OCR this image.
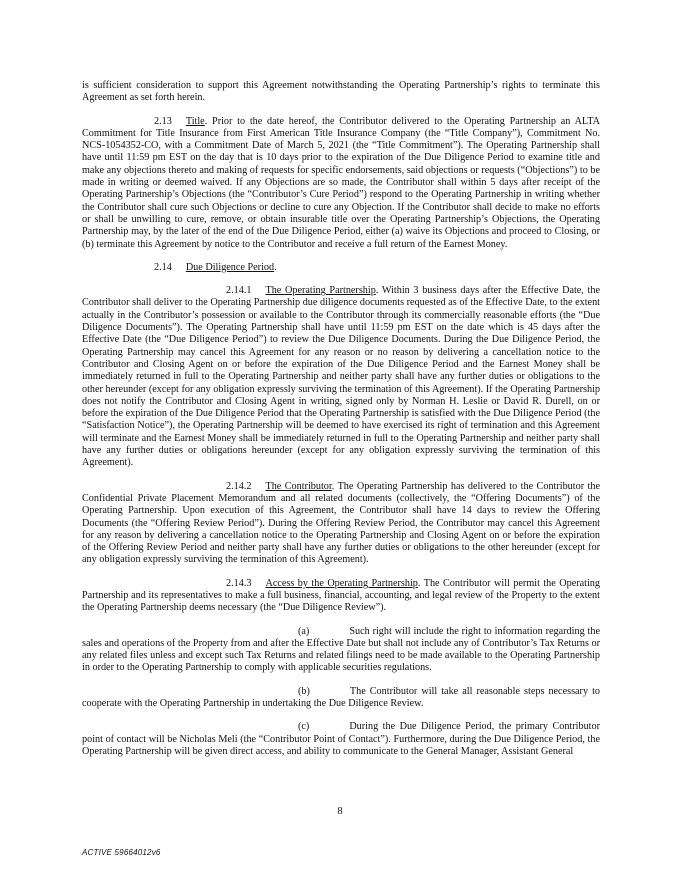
is sufficient consideration to support this Agreement notwithstanding the Operating Partnership’s rights to terminate this Agreement as set forth herein.

2.13 Title. Prior to the date hereof, the Contributor delivered to the Operating Partnership an ALTA Commitment for Title Insurance from First American Title Insurance Company (the “Title Company”), Commitment No. NCS-1054352-CO, with a Commitment Date of March 5, 2021 (the “Title Commitment”). The Operating Partnership shall have until 11:59 pm EST on the day that is 10 days prior to the expiration of the Due Diligence Period to examine title and make any objections thereto and making of requests for specific endorsements, said objections or requests (“Objections”) to be made in writing or deemed waived. If any Objections are so made, the Contributor shall within 5 days after receipt of the Operating Partnership’s Objections (the “Contributor’s Cure Period”) respond to the Operating Partnership in writing whether the Contributor shall cure such Objections or decline to cure any Objection. If the Contributor shall decide to make no efforts or shall be unwilling to cure, remove, or obtain insurable title over the Operating Partnership’s Objections, the Operating Partnership may, by the later of the end of the Due Diligence Period, either (a) waive its Objections and proceed to Closing, or (b) terminate this Agreement by notice to the Contributor and receive a full return of the Earnest Money.

2.14 Due Diligence Period.

2.14.1 The Operating Partnership. Within 3 business days after the Effective Date, the Contributor shall deliver to the Operating Partnership due diligence documents requested as of the Effective Date, to the extent actually in the Contributor’s possession or available to the Contributor through its commercially reasonable efforts (the “Due Diligence Documents”). The Operating Partnership shall have until 11:59 pm EST on the date which is 45 days after the Effective Date (the “Due Diligence Period”) to review the Due Diligence Documents. During the Due Diligence Period, the Operating Partnership may cancel this Agreement for any reason or no reason by delivering a cancellation notice to the Contributor and Closing Agent on or before the expiration of the Due Diligence Period and the Earnest Money shall be immediately returned in full to the Operating Partnership and neither party shall have any further duties or obligations to the other hereunder (except for any obligation expressly surviving the termination of this Agreement). If the Operating Partnership does not notify the Contributor and Closing Agent in writing, signed only by Norman H. Leslie or David R. Durell, on or before the expiration of the Due Diligence Period that the Operating Partnership is satisfied with the Due Diligence Period (the “Satisfaction Notice”), the Operating Partnership will be deemed to have exercised its right of termination and this Agreement will terminate and the Earnest Money shall be immediately returned in full to the Operating Partnership and neither party shall have any further duties or obligations hereunder (except for any obligation expressly surviving the termination of this Agreement).

2.14.2 The Contributor. The Operating Partnership has delivered to the Contributor the Confidential Private Placement Memorandum and all related documents (collectively, the “Offering Documents”) of the Operating Partnership. Upon execution of this Agreement, the Contributor shall have 14 days to review the Offering Documents (the “Offering Review Period”). During the Offering Review Period, the Contributor may cancel this Agreement for any reason by delivering a cancellation notice to the Operating Partnership and Closing Agent on or before the expiration of the Offering Review Period and neither party shall have any further duties or obligations to the other hereunder (except for any obligation expressly surviving the termination of this Agreement).

2.14.3 Access by the Operating Partnership. The Contributor will permit the Operating Partnership and its representatives to make a full business, financial, accounting, and legal review of the Property to the extent the Operating Partnership deems necessary (the “Due Diligence Review”).

(a)	Such right will include the right to information regarding the sales and operations of the Property from and after the Effective Date but shall not include any of Contributor’s Tax Returns or any related files unless and except such Tax Returns and related filings need to be made available to the Operating Partnership in order to the Operating Partnership to comply with applicable securities regulations.

(b)	The Contributor will take all reasonable steps necessary to cooperate with the Operating Partnership in undertaking the Due Diligence Review.

(c)	During the Due Diligence Period, the primary Contributor point of contact will be Nicholas Meli (the “Contributor Point of Contact”). Furthermore, during the Due Diligence Period, the Operating Partnership will be given direct access, and ability to communicate to the General Manager, Assistant General

8
ACTIVE 59664012v6
